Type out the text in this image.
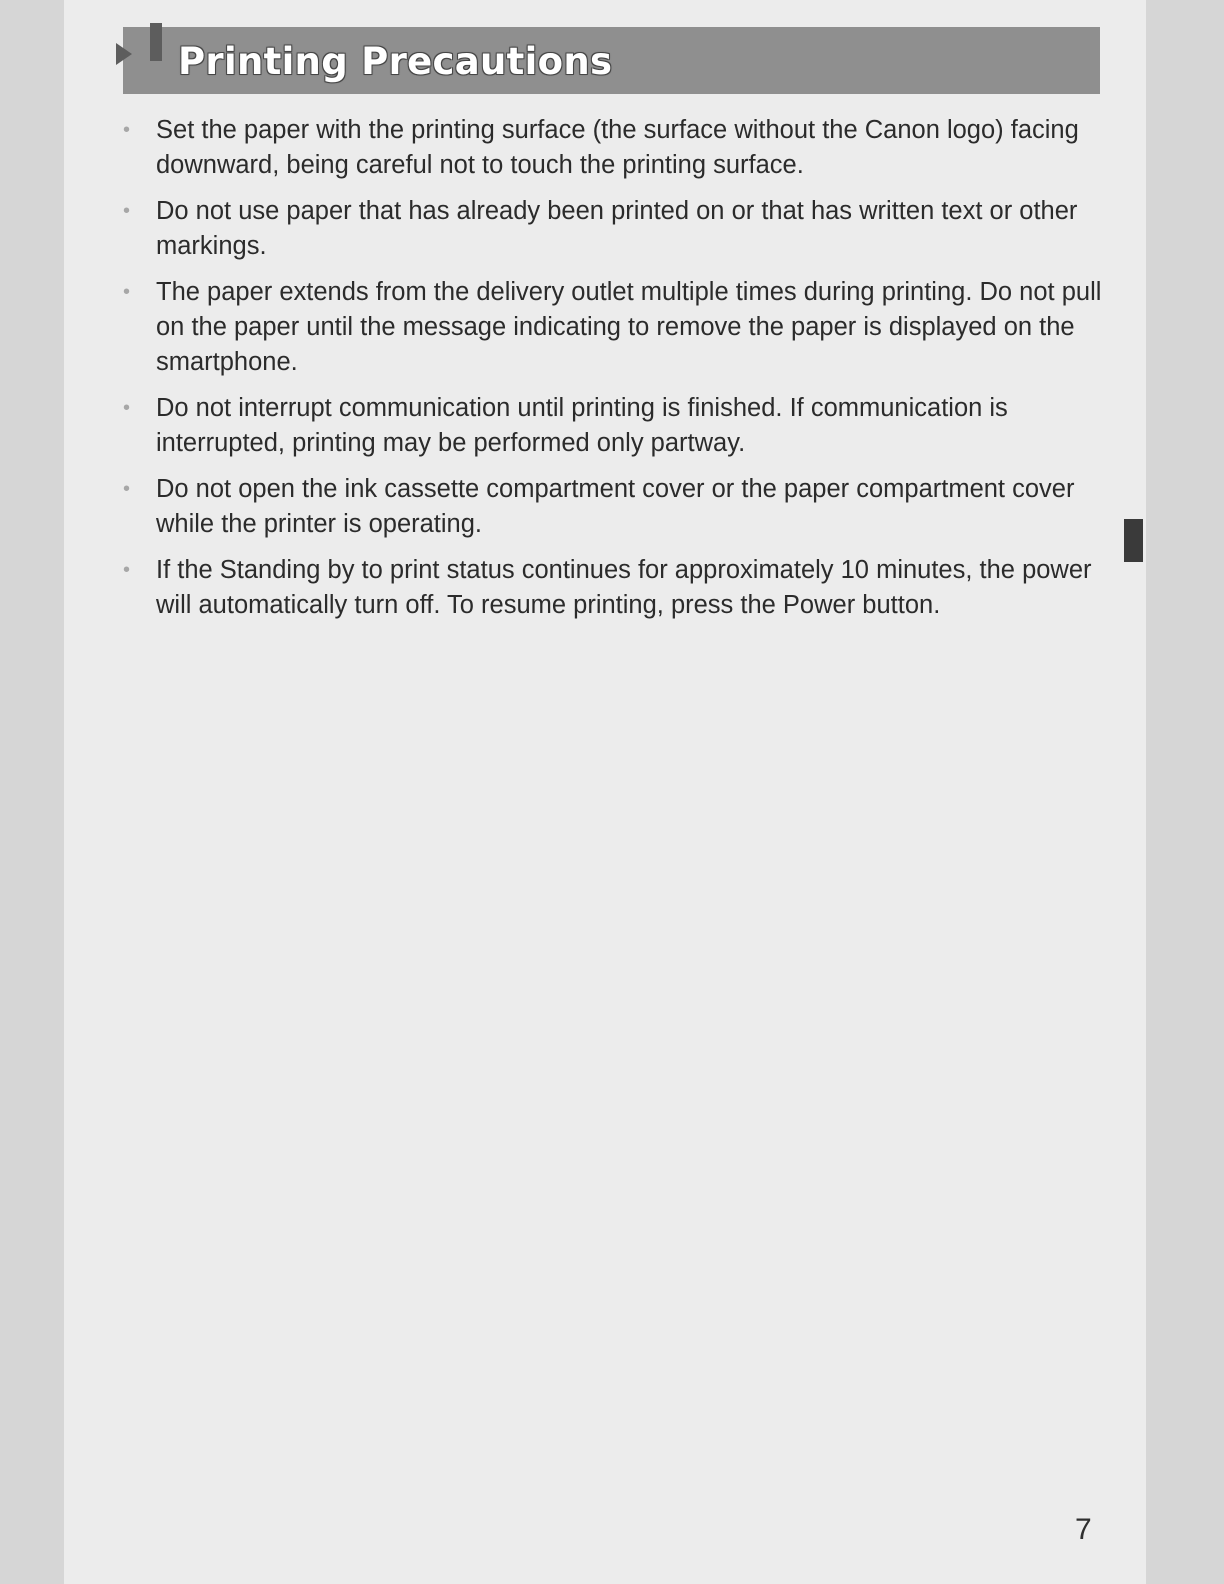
Printing Precautions
• Set the paper with the printing surface (the surface without the Canon logo) facing downward, being careful not to touch the printing surface.
• Do not use paper that has already been printed on or that has written text or other markings.
• The paper extends from the delivery outlet multiple times during printing. Do not pull on the paper until the message indicating to remove the paper is displayed on the smartphone.
• Do not interrupt communication until printing is finished. If communication is interrupted, printing may be performed only partway.
• Do not open the ink cassette compartment cover or the paper compartment cover while the printer is operating.
• If the Standing by to print status continues for approximately 10 minutes, the power will automatically turn off. To resume printing, press the Power button.
7
